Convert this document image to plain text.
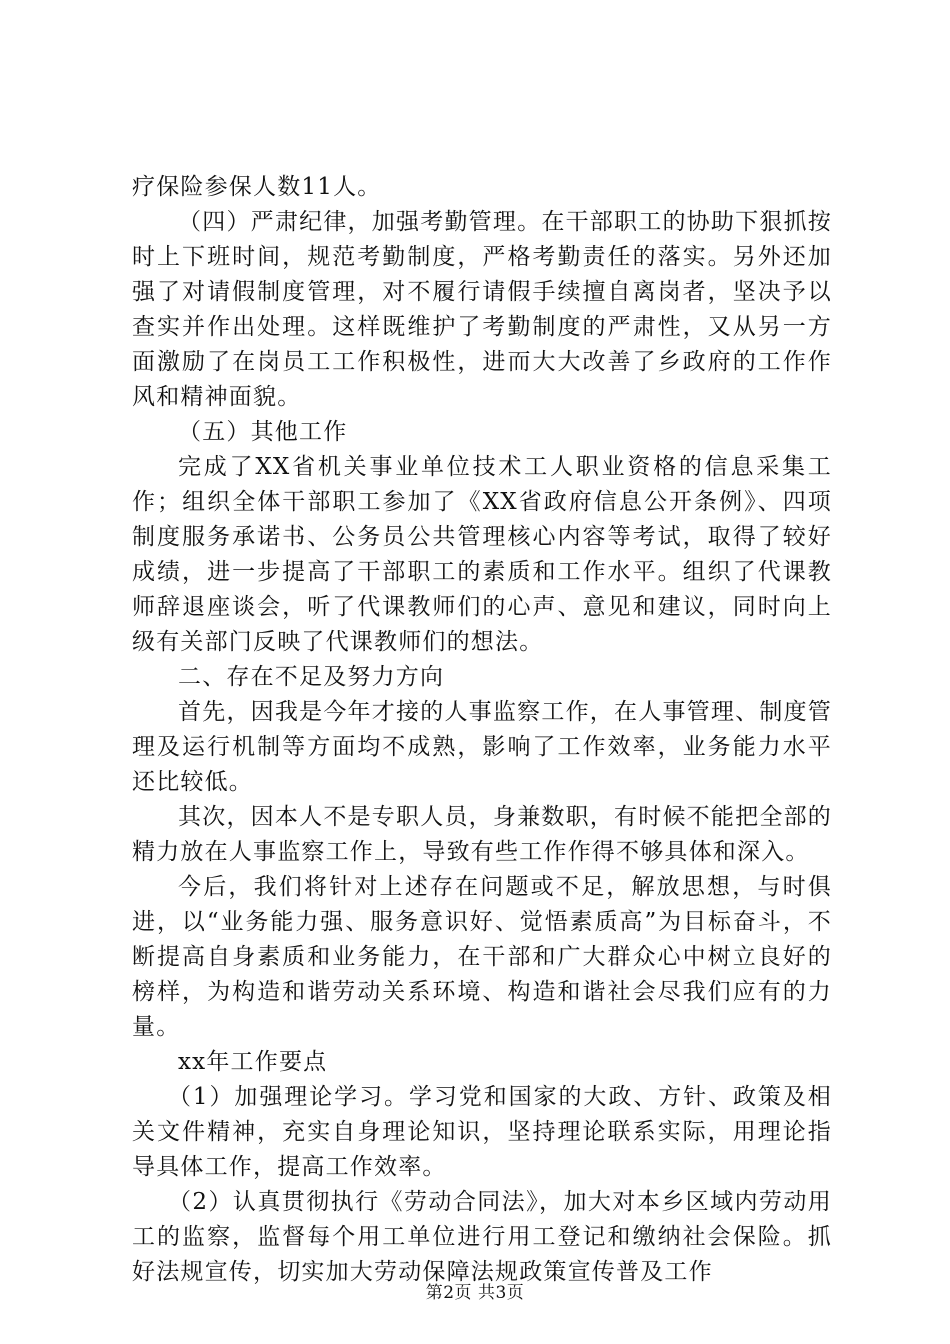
疗保险参保人数11人。

（四）严肃纪律，加强考勤管理。在干部职工的协助下狠抓按时上下班时间，规范考勤制度，严格考勤责任的落实。另外还加强了对请假制度管理，对不履行请假手续擅自离岗者，坚决予以查实并作出处理。这样既维护了考勤制度的严肃性，又从另一方面激励了在岗员工工作积极性，进而大大改善了乡政府的工作作风和精神面貌。

（五）其他工作

完成了XX省机关事业单位技术工人职业资格的信息采集工作；组织全体干部职工参加了《XX省政府信息公开条例》、四项制度服务承诺书、公务员公共管理核心内容等考试，取得了较好成绩，进一步提高了干部职工的素质和工作水平。组织了代课教师辞退座谈会，听了代课教师们的心声、意见和建议，同时向上级有关部门反映了代课教师们的想法。

二、存在不足及努力方向

首先，因我是今年才接的人事监察工作，在人事管理、制度管理及运行机制等方面均不成熟，影响了工作效率，业务能力水平还比较低。

其次，因本人不是专职人员，身兼数职，有时候不能把全部的精力放在人事监察工作上，导致有些工作作得不够具体和深入。

今后，我们将针对上述存在问题或不足，解放思想，与时俱进，以“业务能力强、服务意识好、觉悟素质高”为目标奋斗，不断提高自身素质和业务能力，在干部和广大群众心中树立良好的榜样，为构造和谐劳动关系环境、构造和谐社会尽我们应有的力量。

xx年工作要点

（1）加强理论学习。学习党和国家的大政、方针、政策及相关文件精神，充实自身理论知识，坚持理论联系实际，用理论指导具体工作，提高工作效率。

（2）认真贯彻执行《劳动合同法》，加大对本乡区域内劳动用工的监察，监督每个用工单位进行用工登记和缴纳社会保险。抓好法规宣传，切实加大劳动保障法规政策宣传普及工作

第2页 共3页
